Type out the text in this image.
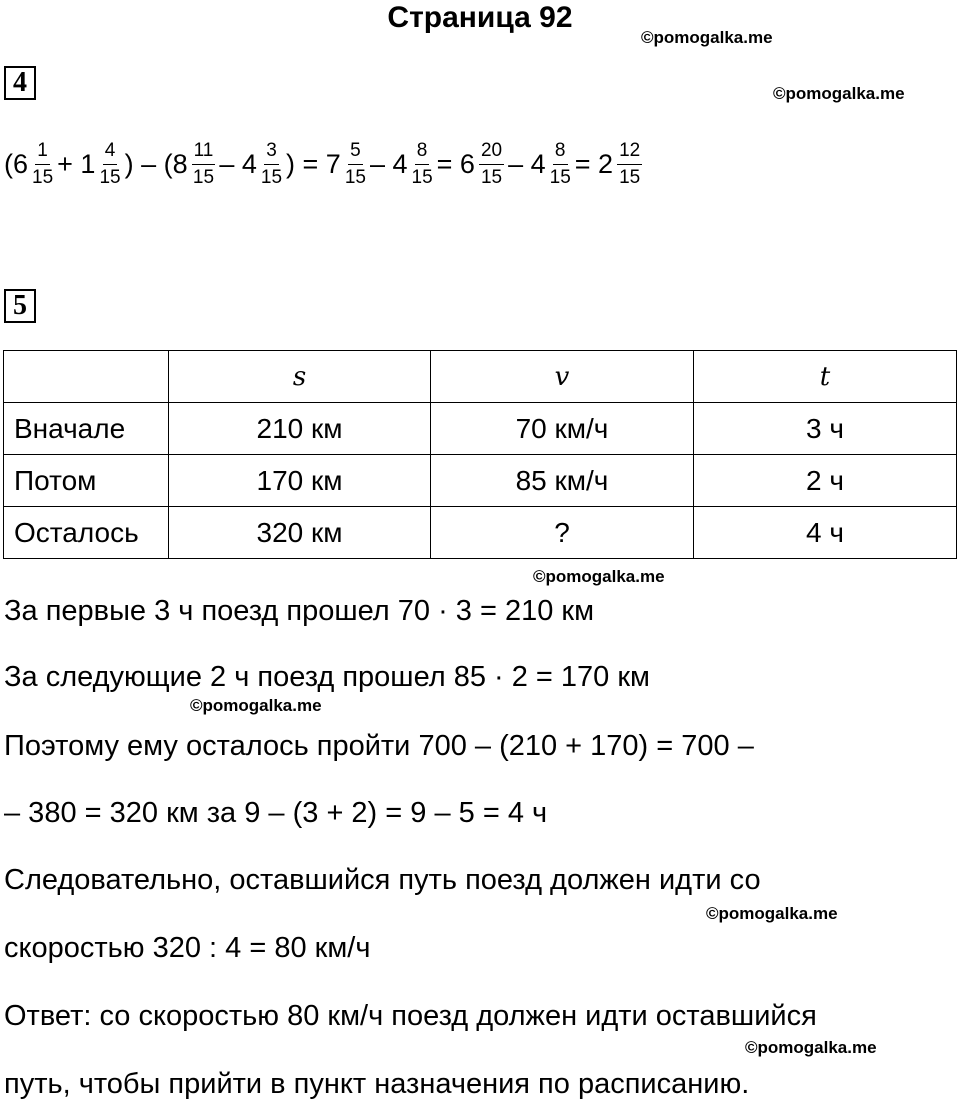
Страница 92
©pomogalka.me
©pomogalka.me
4
($6 \frac{1}{15} + 1 \frac{4}{15}$ ) – ($8 \frac{11}{15} - 4 \frac{3}{15}$ ) = $7 \frac{5}{15} - 4 \frac{8}{15} = 6 \frac{20}{15} - 4 \frac{8}{15} = 2 \frac{12}{15}$
5
	s	v	t
Вначале	210 км	70 км/ч	3 ч
Потом	170 км	85 км/ч	2 ч
Осталось	320 км	?	4 ч
©pomogalka.me
©pomogalka.me
©pomogalka.me
©pomogalka.me
За первые 3 ч поезд прошел 70 · 3 = 210 км
За следующие 2 ч поезд прошел 85 · 2 = 170 км
Поэтому ему осталось пройти 700 – (210 + 170) = 700 –
– 380 = 320 км за 9 – (3 + 2) = 9 – 5 = 4 ч
Следовательно, оставшийся путь поезд должен идти со
скоростью 320 : 4 = 80 км/ч
Ответ: со скоростью 80 км/ч поезд должен идти оставшийся
путь, чтобы прийти в пункт назначения по расписанию.
